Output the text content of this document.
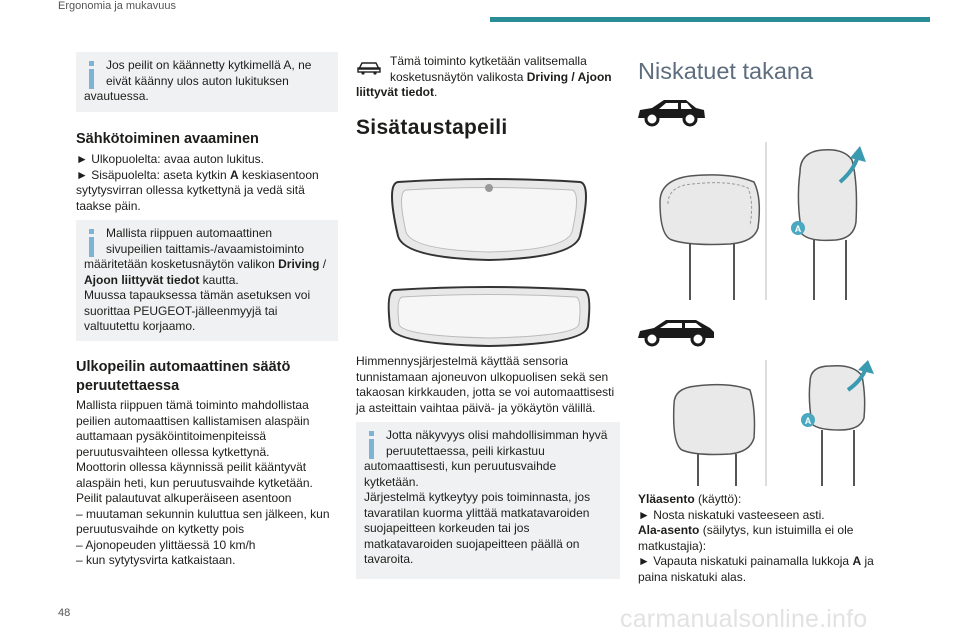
Ergonomia ja mukavuus
Jos peilit on käännetty kytkimellä A, ne eivät käänny ulos auton lukituksen avautuessa.
Sähkötoiminen avaaminen
► Ulkopuolelta: avaa auton lukitus.
► Sisäpuolelta: aseta kytkin A keskiasentoon sytytysvirran ollessa kytkettynä ja vedä sitä taakse päin.
Mallista riippuen automaattinen sivupeilien taittamis-/avaamistoiminto määritetään kosketusnäytön valikon Driving / Ajoon liittyvät tiedot kautta.
Muussa tapauksessa tämän asetuksen voi suorittaa PEUGEOT-jälleenmyyjä tai valtuutettu korjaamo.
Ulkopeilin automaattinen säätö peruutettaessa
Mallista riippuen tämä toiminto mahdollistaa peilien automaattisen kallistamisen alaspäin auttamaan pysäköintitoimenpiteissä peruutusvaihteen ollessa kytkettynä.
Moottorin ollessa käynnissä peilit kääntyvät alaspäin heti, kun peruutusvaihde kytketään.
Peilit palautuvat alkuperäiseen asentoon
– muutaman sekunnin kuluttua sen jälkeen, kun peruutusvaihde on kytketty pois
– Ajonopeuden ylittäessä 10 km/h
– kun sytytysvirta katkaistaan.
Tämä toiminto kytketään valitsemalla kosketusnäytön valikosta Driving / Ajoon liittyvät tiedot.
Sisätaustapeili
Himmennysjärjestelmä käyttää sensoria tunnistamaan ajoneuvon ulkopuolisen sekä sen takaosan kirkkauden, jotta se voi automaattisesti ja asteittain vaihtaa päivä- ja yökäytön välillä.
Jotta näkyvyys olisi mahdollisimman hyvä peruutettaessa, peili kirkastuu automaattisesti, kun peruutusvaihde kytketään.
Järjestelmä kytkeytyy pois toiminnasta, jos tavaratilan kuorma ylittää matkatavaroiden suojapeitteen korkeuden tai jos matkatavaroiden suojapeitteen päällä on tavaroita.
Niskatuet takana
A
A
Yläasento (käyttö):
► Nosta niskatuki vasteeseen asti.
Ala-asento (säilytys, kun istuimilla ei ole matkustajia):
► Vapauta niskatuki painamalla lukkoja A ja paina niskatuki alas.
48	carmanualsonline.info
